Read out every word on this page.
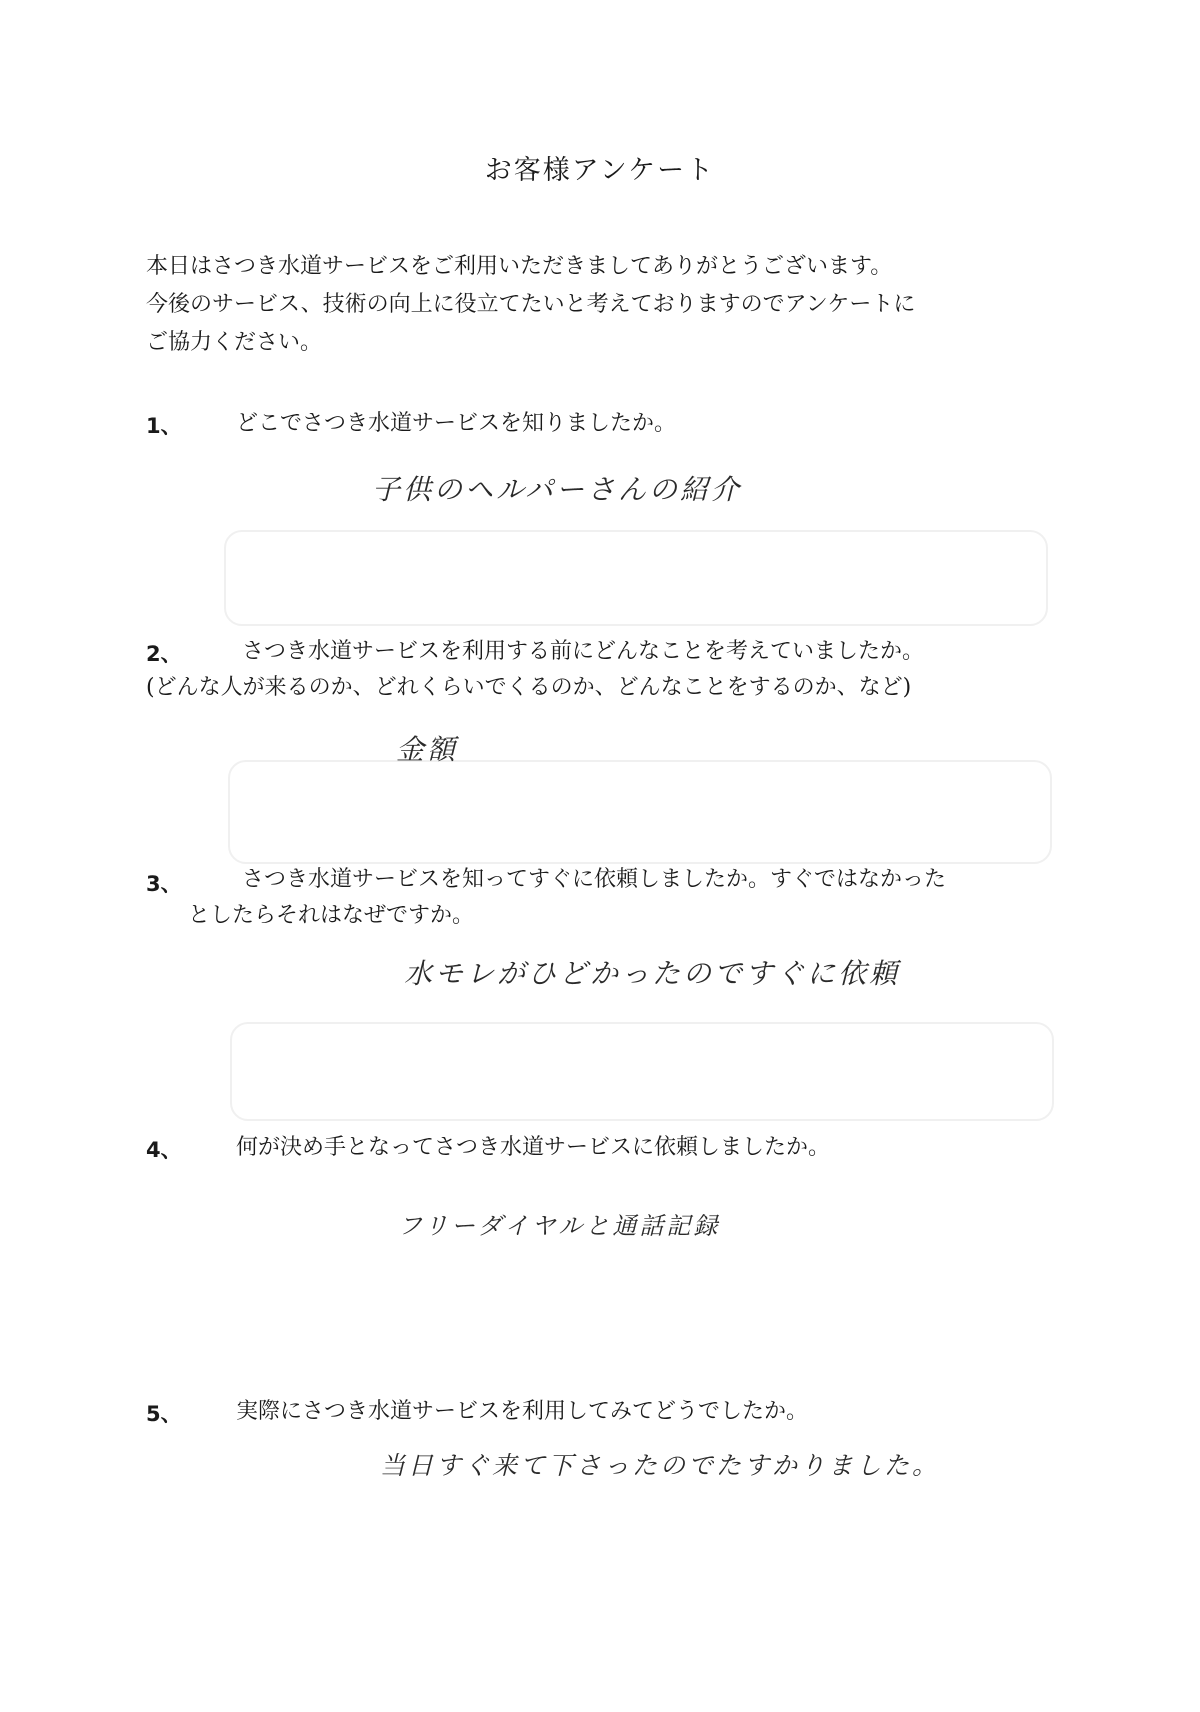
お客様アンケート

本日はさつき水道サービスをご利用いただきましてありがとうございます。

今後のサービス、技術の向上に役立てたいと考えておりますのでアンケートに

ご協力ください。

1、 どこでさつき水道サービスを知りましたか。
子供のヘルパーさんの紹介
2、	さつき水道サービスを利用する前にどんなことを考えていましたか。
(どんな人が来るのか、どれくらいでくるのか、どんなことをするのか、など)
金額
3、	さつき水道サービスを知ってすぐに依頼しましたか。すぐではなかった
としたらそれはなぜですか。
水モレがひどかったのですぐに依頼
4、 何が決め手となってさつき水道サービスに依頼しましたか。
フリーダイヤルと通話記録
5、 実際にさつき水道サービスを利用してみてどうでしたか。
当日すぐ来て下さったのでたすかりました。
